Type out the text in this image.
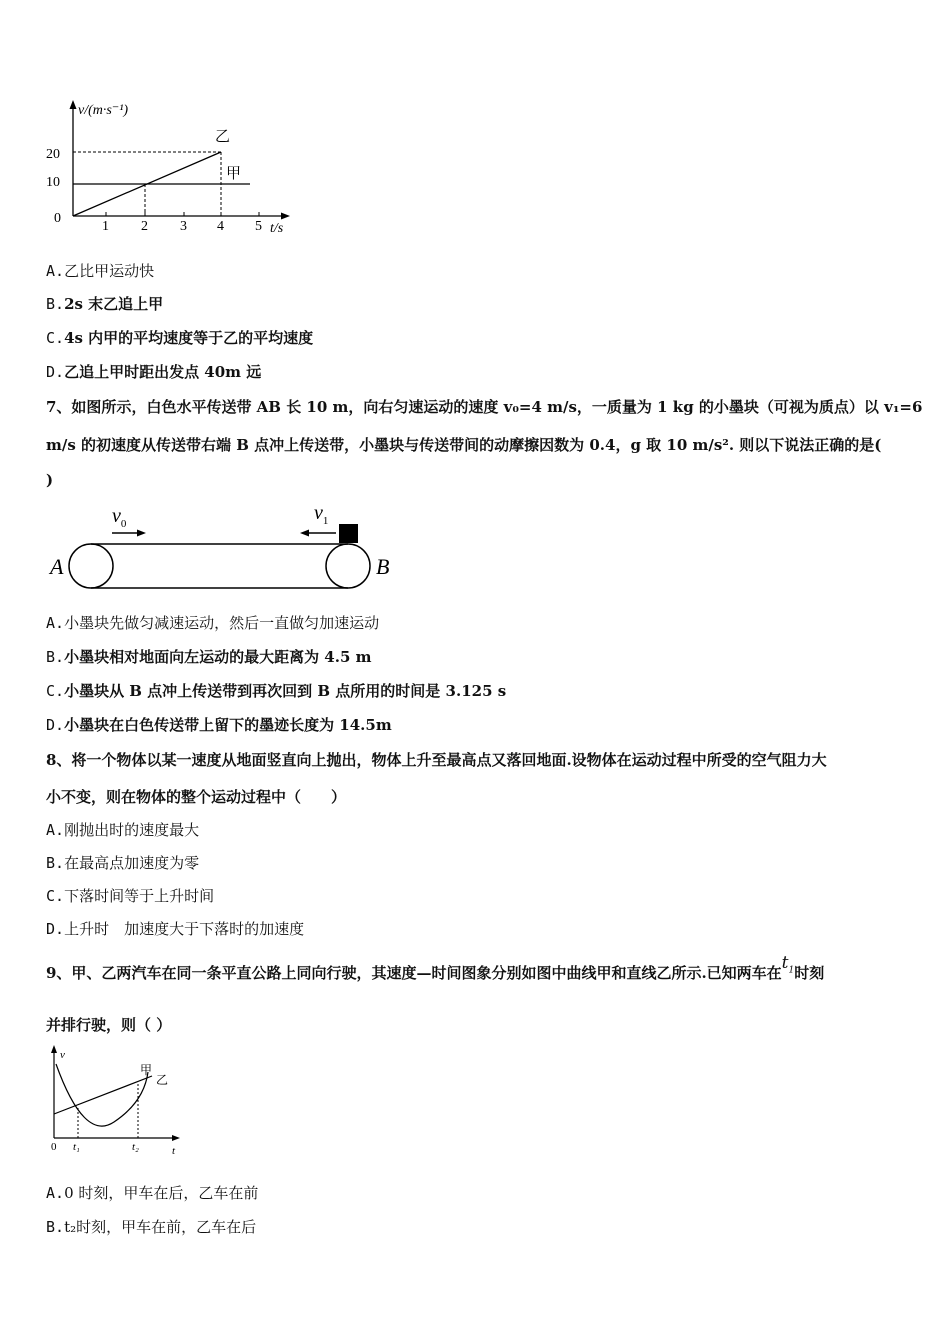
v/(m·s⁻¹)
t/s
20
10
0
1 2 3 4 5
乙
甲
A.乙比甲运动快
B.2s 末乙追上甲
C.4s 内甲的平均速度等于乙的平均速度
D.乙追上甲时距出发点 40m 远
7、如图所示，白色水平传送带 AB 长 10 m，向右匀速运动的速度 v₀=4 m/s，一质量为 1 kg 的小墨块（可视为质点）以 v₁=6
m/s 的初速度从传送带右端 B 点冲上传送带，小墨块与传送带间的动摩擦因数为 0.4，g 取 10 m/s². 则以下说法正确的是(
)
$v_0$	$v_1$
A	B
A.小墨块先做匀减速运动，然后一直做匀加速运动
B.小墨块相对地面向左运动的最大距离为 4.5 m
C.小墨块从 B 点冲上传送带到再次回到 B 点所用的时间是 3.125 s
D.小墨块在白色传送带上留下的墨迹长度为 14.5m
8、将一个物体以某一速度从地面竖直向上抛出，物体上升至最高点又落回地面.设物体在运动过程中所受的空气阻力大
小不变，则在物体的整个运动过程中（　　）
A.刚抛出时的速度最大
B.在最高点加速度为零
C.下落时间等于上升时间
D.上升时　加速度大于下落时的加速度
9、甲、乙两汽车在同一条平直公路上同向行驶，其速度—时间图象分别如图中曲线甲和直线乙所示.已知两车在$t_1$时刻
并排行驶，则（ ）
v
t
0 t₁	t₂
甲
乙
A.0 时刻，甲车在后，乙车在前
B.t₂时刻，甲车在前，乙车在后
